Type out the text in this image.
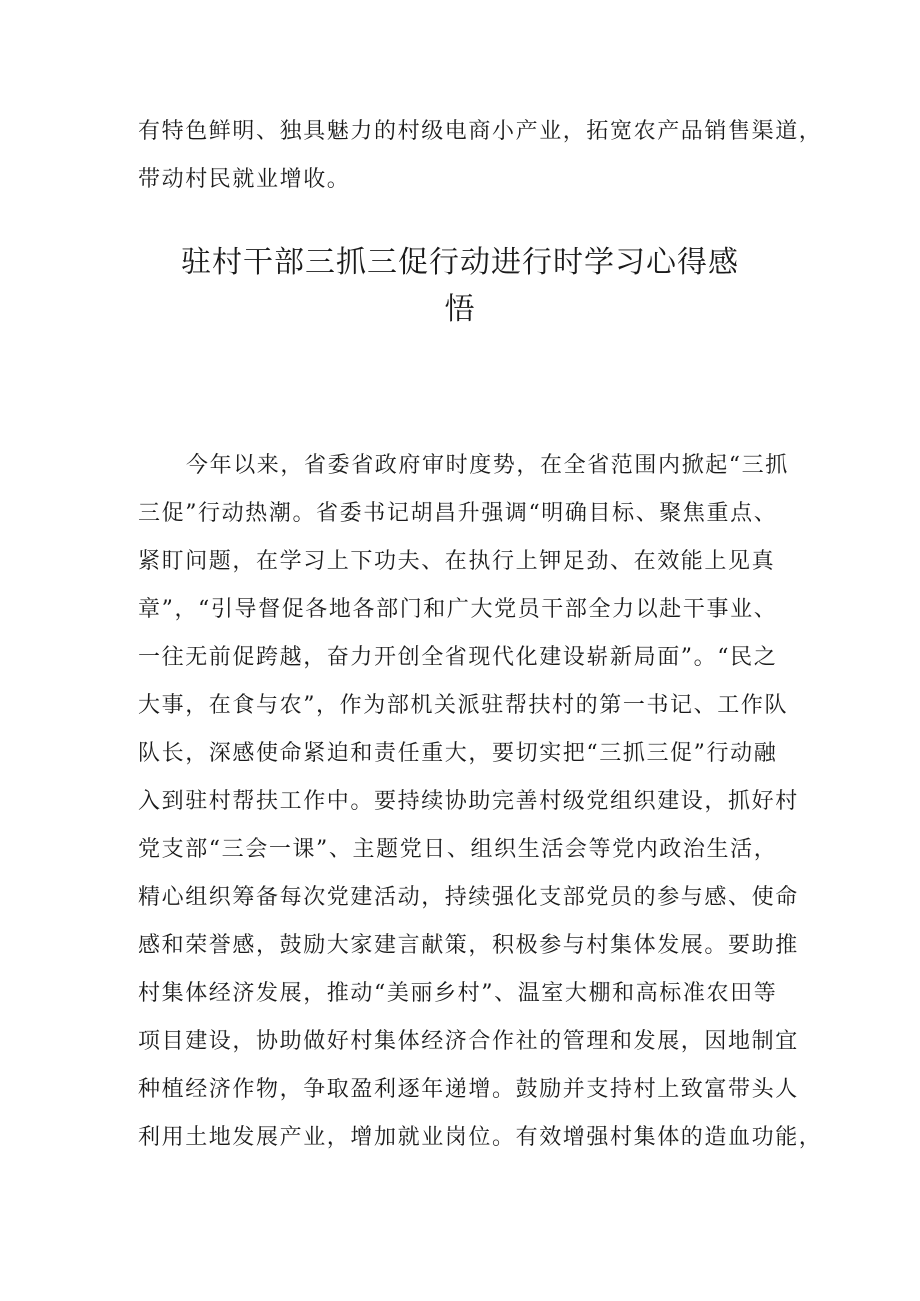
有特色鲜明、独具魅力的村级电商小产业，拓宽农产品销售渠道，
带动村民就业增收。
驻村干部三抓三促行动进行时学习心得感
悟
今年以来，省委省政府审时度势，在全省范围内掀起“三抓
三促”行动热潮。省委书记胡昌升强调“明确目标、聚焦重点、
紧盯问题，在学习上下功夫、在执行上钾足劲、在效能上见真
章”，“引导督促各地各部门和广大党员干部全力以赴干事业、
一往无前促跨越，奋力开创全省现代化建设崭新局面”。“民之
大事，在食与农”，作为部机关派驻帮扶村的第一书记、工作队
队长，深感使命紧迫和责任重大，要切实把“三抓三促”行动融
入到驻村帮扶工作中。要持续协助完善村级党组织建设，抓好村
党支部“三会一课”、主题党日、组织生活会等党内政治生活，
精心组织筹备每次党建活动，持续强化支部党员的参与感、使命
感和荣誉感，鼓励大家建言献策，积极参与村集体发展。要助推
村集体经济发展，推动“美丽乡村”、温室大棚和高标准农田等
项目建设，协助做好村集体经济合作社的管理和发展，因地制宜
种植经济作物，争取盈利逐年递增。鼓励并支持村上致富带头人
利用土地发展产业，增加就业岗位。有效增强村集体的造血功能，
